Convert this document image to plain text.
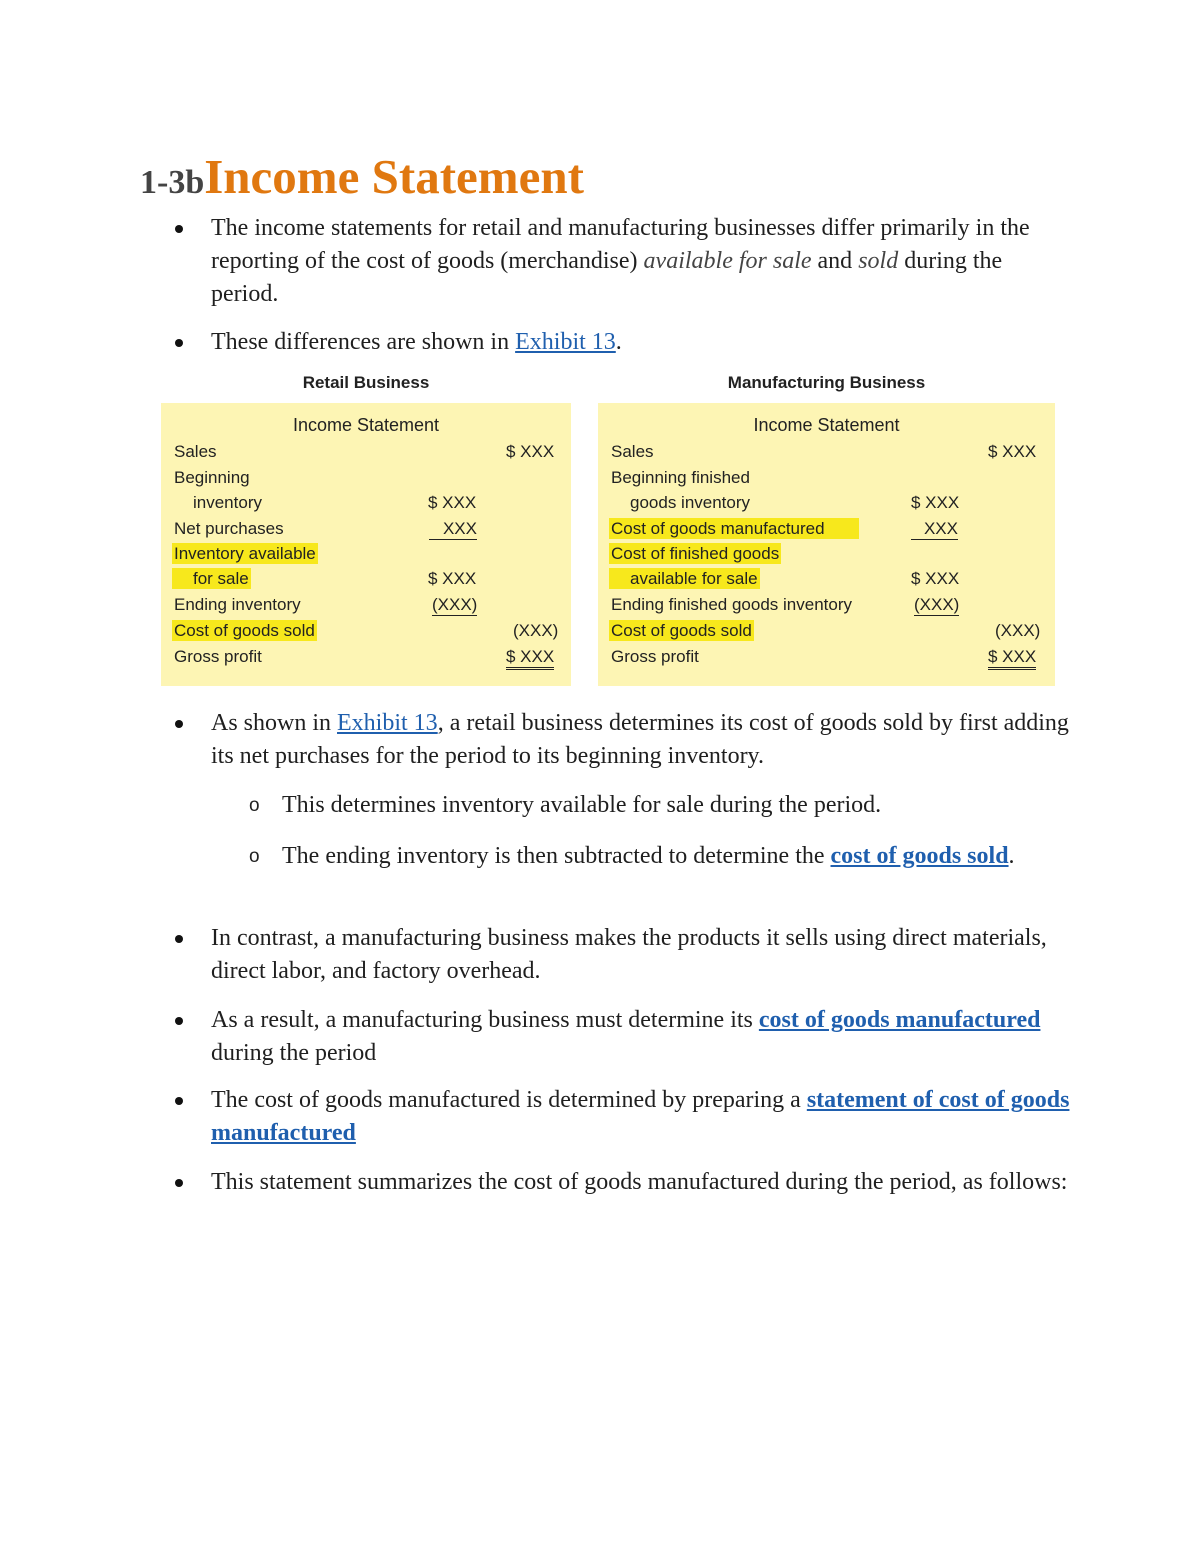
1-3bIncome Statement
The income statements for retail and manufacturing businesses differ primarily in the reporting of the cost of goods (merchandise) available for sale and sold during the period.
These differences are shown in Exhibit 13.
Retail Business	Manufacturing Business
Income Statement
Sales	$ XXX
Beginning
inventory	$ XXX
Net purchases	XXX
Inventory available
for sale	$ XXX
Ending inventory	(XXX)
Cost of goods sold	(XXX)
Gross profit	$ XXX
Income Statement
Sales	$ XXX
Beginning finished
goods inventory	$ XXX
Cost of goods manufactured	XXX
Cost of finished goods
available for sale	$ XXX
Ending finished goods inventory	(XXX)
Cost of goods sold	(XXX)
Gross profit	$ XXX
As shown in Exhibit 13, a retail business determines its cost of goods sold by first adding its net purchases for the period to its beginning inventory.
o This determines inventory available for sale during the period.
o The ending inventory is then subtracted to determine the cost of goods sold.
In contrast, a manufacturing business makes the products it sells using direct materials, direct labor, and factory overhead.
As a result, a manufacturing business must determine its cost of goods manufactured during the period
The cost of goods manufactured is determined by preparing a statement of cost of goods manufactured
This statement summarizes the cost of goods manufactured during the period, as follows:
